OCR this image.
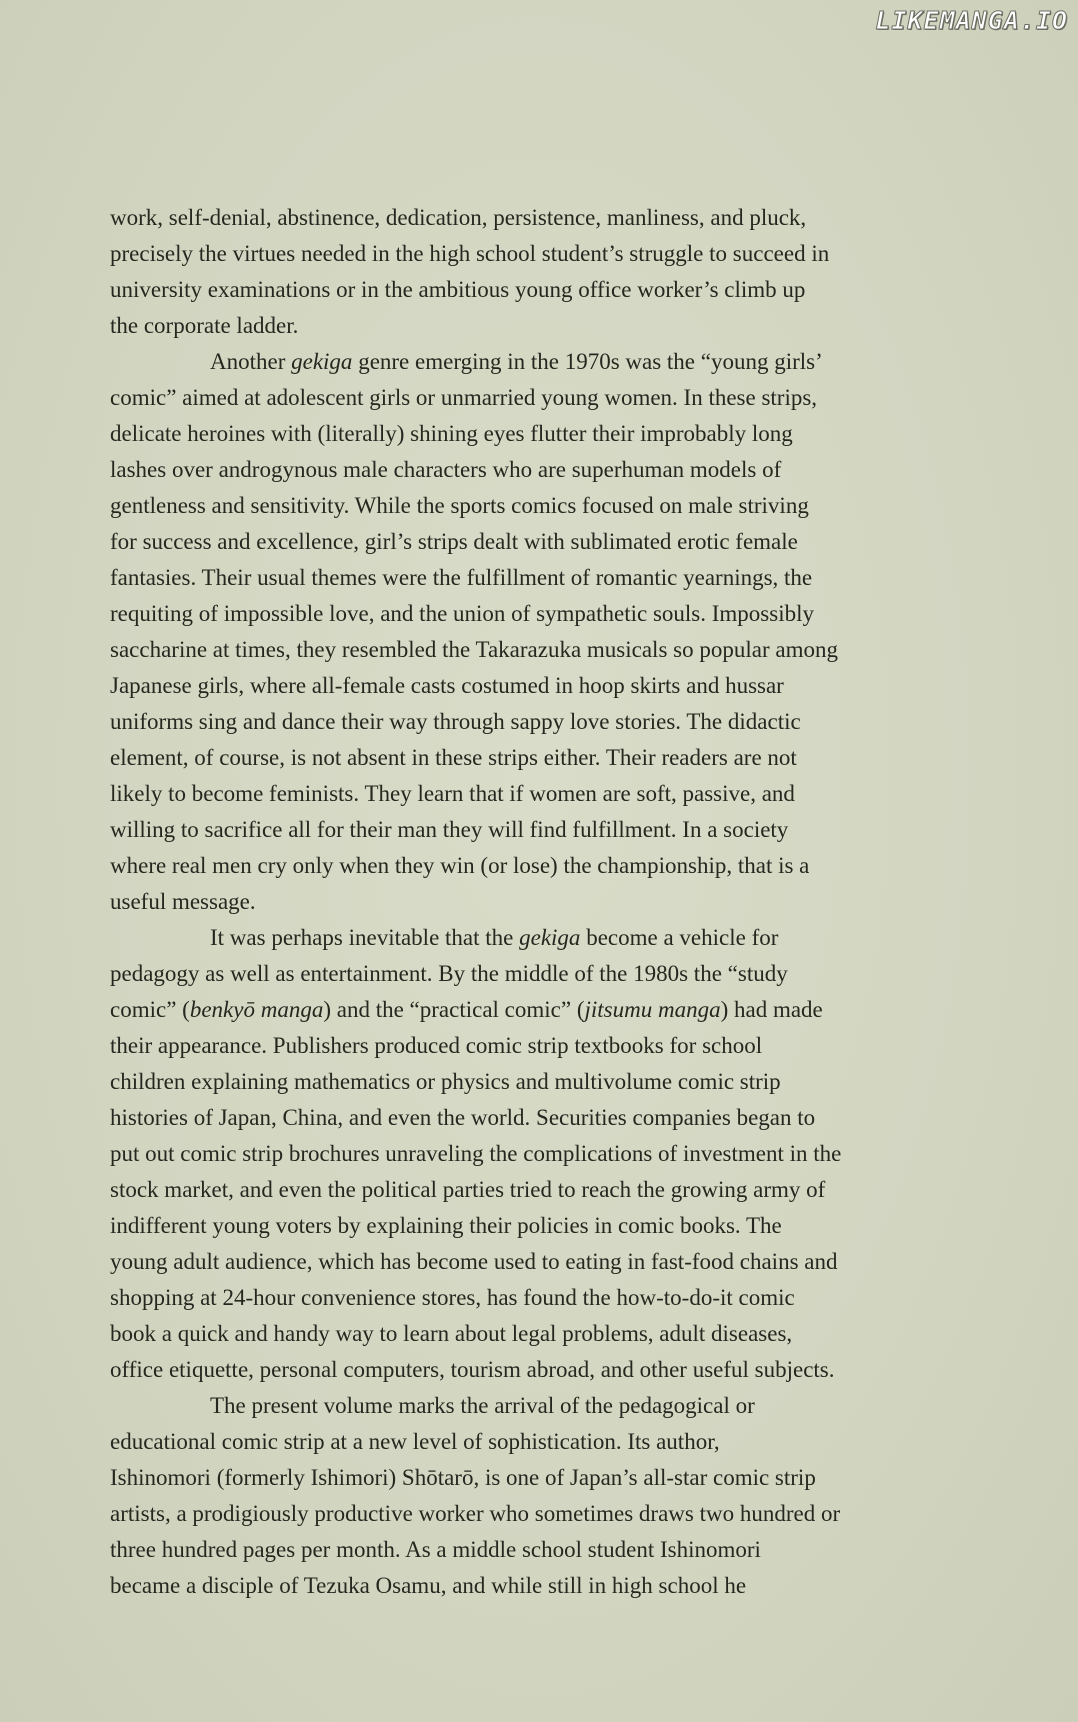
LIKEMANGA.IO
work, self-denial, abstinence, dedication, persistence, manliness, and pluck,
precisely the virtues needed in the high school student’s struggle to succeed in
university examinations or in the ambitious young office worker’s climb up
the corporate ladder.
Another gekiga genre emerging in the 1970s was the “young girls’
comic” aimed at adolescent girls or unmarried young women. In these strips,
delicate heroines with (literally) shining eyes flutter their improbably long
lashes over androgynous male characters who are superhuman models of
gentleness and sensitivity. While the sports comics focused on male striving
for success and excellence, girl’s strips dealt with sublimated erotic female
fantasies. Their usual themes were the fulfillment of romantic yearnings, the
requiting of impossible love, and the union of sympathetic souls. Impossibly
saccharine at times, they resembled the Takarazuka musicals so popular among
Japanese girls, where all-female casts costumed in hoop skirts and hussar
uniforms sing and dance their way through sappy love stories. The didactic
element, of course, is not absent in these strips either. Their readers are not
likely to become feminists. They learn that if women are soft, passive, and
willing to sacrifice all for their man they will find fulfillment. In a society
where real men cry only when they win (or lose) the championship, that is a
useful message.
It was perhaps inevitable that the gekiga become a vehicle for
pedagogy as well as entertainment. By the middle of the 1980s the “study
comic” (benkyō manga) and the “practical comic” (jitsumu manga) had made
their appearance. Publishers produced comic strip textbooks for school
children explaining mathematics or physics and multivolume comic strip
histories of Japan, China, and even the world. Securities companies began to
put out comic strip brochures unraveling the complications of investment in the
stock market, and even the political parties tried to reach the growing army of
indifferent young voters by explaining their policies in comic books. The
young adult audience, which has become used to eating in fast-food chains and
shopping at 24-hour convenience stores, has found the how-to-do-it comic
book a quick and handy way to learn about legal problems, adult diseases,
office etiquette, personal computers, tourism abroad, and other useful subjects.
The present volume marks the arrival of the pedagogical or
educational comic strip at a new level of sophistication. Its author,
Ishinomori (formerly Ishimori) Shōtarō, is one of Japan’s all-star comic strip
artists, a prodigiously productive worker who sometimes draws two hundred or
three hundred pages per month. As a middle school student Ishinomori
became a disciple of Tezuka Osamu, and while still in high school he
